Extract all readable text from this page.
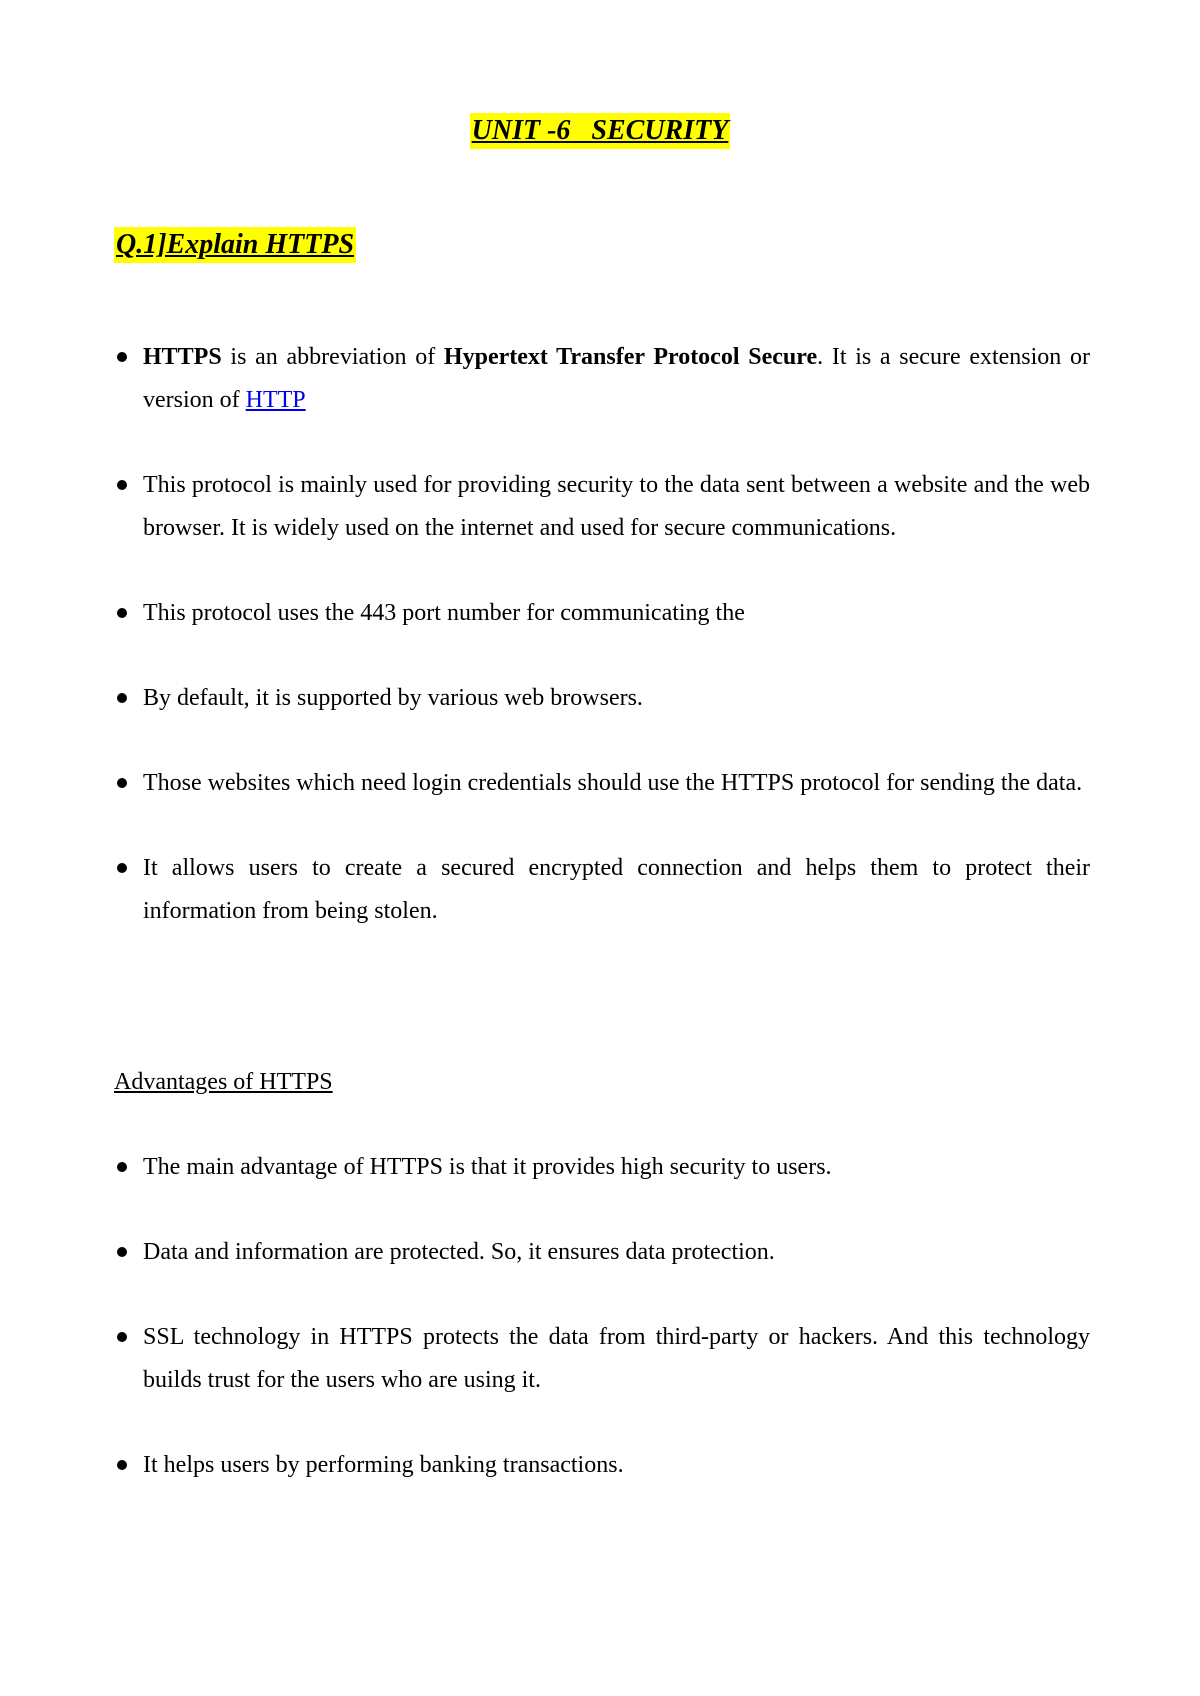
UNIT -6   SECURITY
Q.1]Explain HTTPS
HTTPS is an abbreviation of Hypertext Transfer Protocol Secure. It is a secure extension or version of HTTP
This protocol is mainly used for providing security to the data sent between a website and the web browser. It is widely used on the internet and used for secure communications.
This protocol uses the 443 port number for communicating the
By default, it is supported by various web browsers.
Those websites which need login credentials should use the HTTPS protocol for sending the data.
It allows users to create a secured encrypted connection and helps them to protect their information from being stolen.
Advantages of HTTPS
The main advantage of HTTPS is that it provides high security to users.
Data and information are protected. So, it ensures data protection.
SSL technology in HTTPS protects the data from third-party or hackers. And this technology builds trust for the users who are using it.
It helps users by performing banking transactions.
